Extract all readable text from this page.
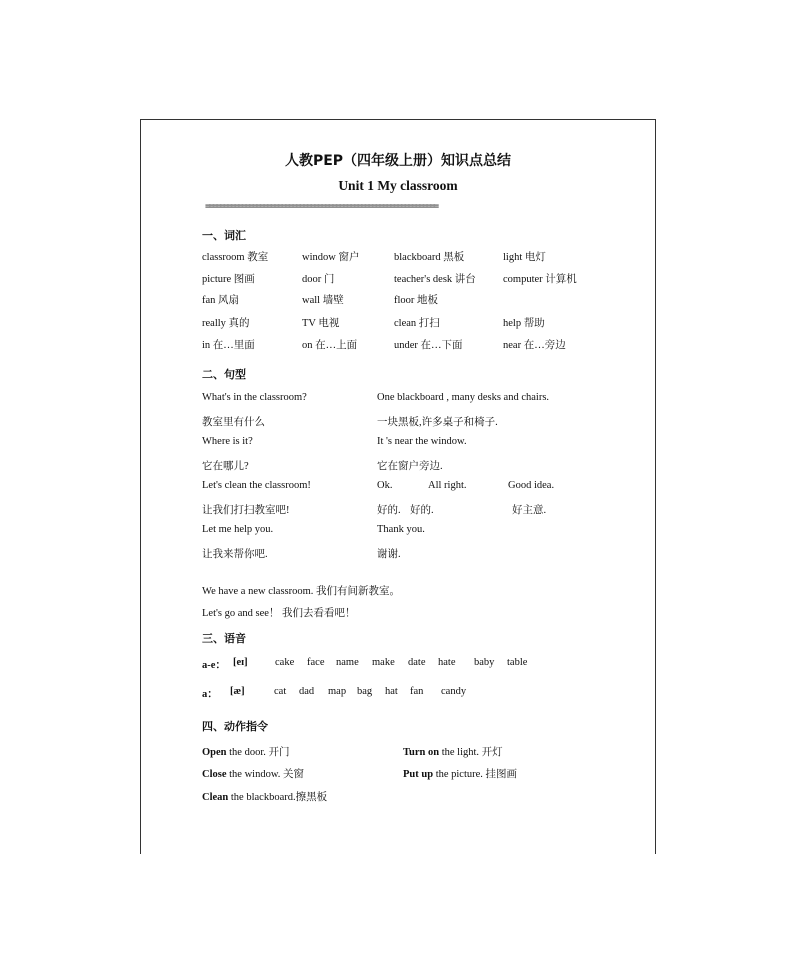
人教PEP（四年级上册）知识点总结
Unit 1 My classroom
================================================================
一、词汇
classroom 教室	window 窗户	blackboard 黑板	light 电灯
picture 图画	door 门	teacher's desk 讲台	computer 计算机
fan 风扇	wall 墙壁	floor 地板
really 真的	TV 电视	clean 打扫	help 帮助
in 在…里面	on 在…上面	under 在…下面	near 在…旁边
二、句型
What's in the classroom?	One blackboard , many desks and chairs.
教室里有什么	一块黑板,许多桌子和椅子.
Where is it?	It 's near the window.
它在哪儿?	它在窗户旁边.
Let's clean the classroom!	Ok.	All right.	Good idea.
让我们打扫教室吧!	好的. 好的.	好主意.
Let me help you.	Thank you.
让我来帮你吧.	谢谢.
We have a new classroom. 我们有间新教室。
Let's go and see！ 我们去看看吧！
三、语音
a-e： [eɪ]	cake face name make date hate baby table
a： [æ]	cat dad map bag hat fan candy
四、动作指令
Open the door. 开门	Turn on the light. 开灯
Close the window. 关窗	Put up the picture. 挂图画
Clean the blackboard.擦黑板
